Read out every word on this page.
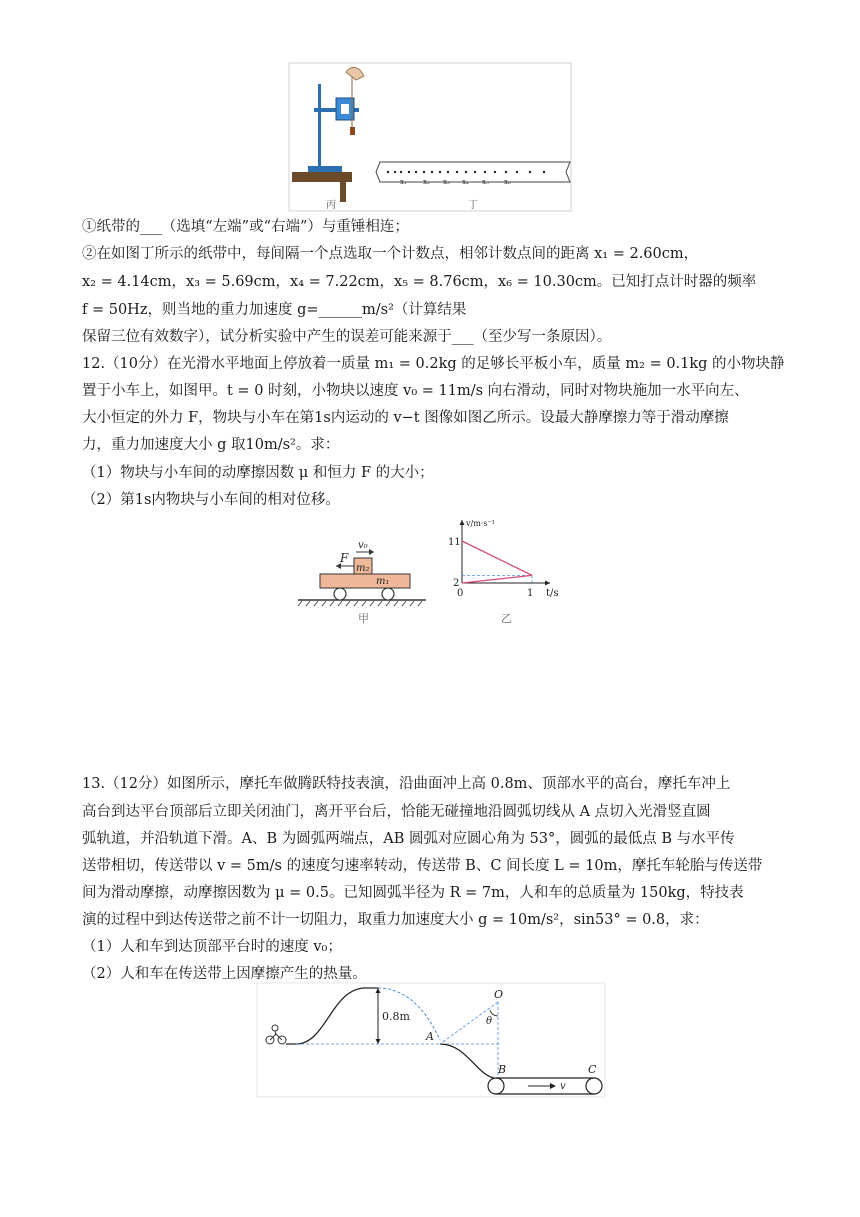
丙
x₁ x₂ x₃ x₄ x₅ x₆
丁
①纸带的___（选填“左端”或“右端”）与重锤相连；
②在如图丁所示的纸带中，每间隔一个点选取一个计数点，相邻计数点间的距离 x₁ = 2.60cm，
x₂ = 4.14cm，x₃ = 5.69cm，x₄ = 7.22cm，x₅ = 8.76cm，x₆ = 10.30cm。已知打点计时器的频率
f = 50Hz，则当地的重力加速度 g=______m/s²（计算结果
保留三位有效数字），试分析实验中产生的误差可能来源于___（至少写一条原因）。
12.（10分）在光滑水平地面上停放着一质量 m₁ = 0.2kg 的足够长平板小车，质量 m₂ = 0.1kg 的小物块静
置于小车上，如图甲。t = 0 时刻，小物块以速度 v₀ = 11m/s 向右滑动，同时对物块施加一水平向左、
大小恒定的外力 F，物块与小车在第1s内运动的 v−t 图像如图乙所示。设最大静摩擦力等于滑动摩擦
力，重力加速度大小 g 取10m/s²。求：
（1）物块与小车间的动摩擦因数 μ 和恒力 F 的大小；
（2）第1s内物块与小车间的相对位移。
F
v₀
m₂
m₁
甲
v/m·s⁻¹
t/s
11
2
0	1
乙
13.（12分）如图所示，摩托车做腾跃特技表演，沿曲面冲上高 0.8m、顶部水平的高台，摩托车冲上
高台到达平台顶部后立即关闭油门，离开平台后，恰能无碰撞地沿圆弧切线从 A 点切入光滑竖直圆
弧轨道，并沿轨道下滑。A、B 为圆弧两端点，AB 圆弧对应圆心角为 53°，圆弧的最低点 B 与水平传
送带相切，传送带以 v = 5m/s 的速度匀速率转动，传送带 B、C 间长度 L = 10m，摩托车轮胎与传送带
间为滑动摩擦，动摩擦因数为 μ = 0.5。已知圆弧半径为 R = 7m，人和车的总质量为 150kg，特技表
演的过程中到达传送带之前不计一切阻力，取重力加速度大小 g = 10m/s²，sin53° = 0.8，求：
（1）人和车到达顶部平台时的速度 v₀；
（2）人和车在传送带上因摩擦产生的热量。
0.8m
O
θ
A
B	C
v
